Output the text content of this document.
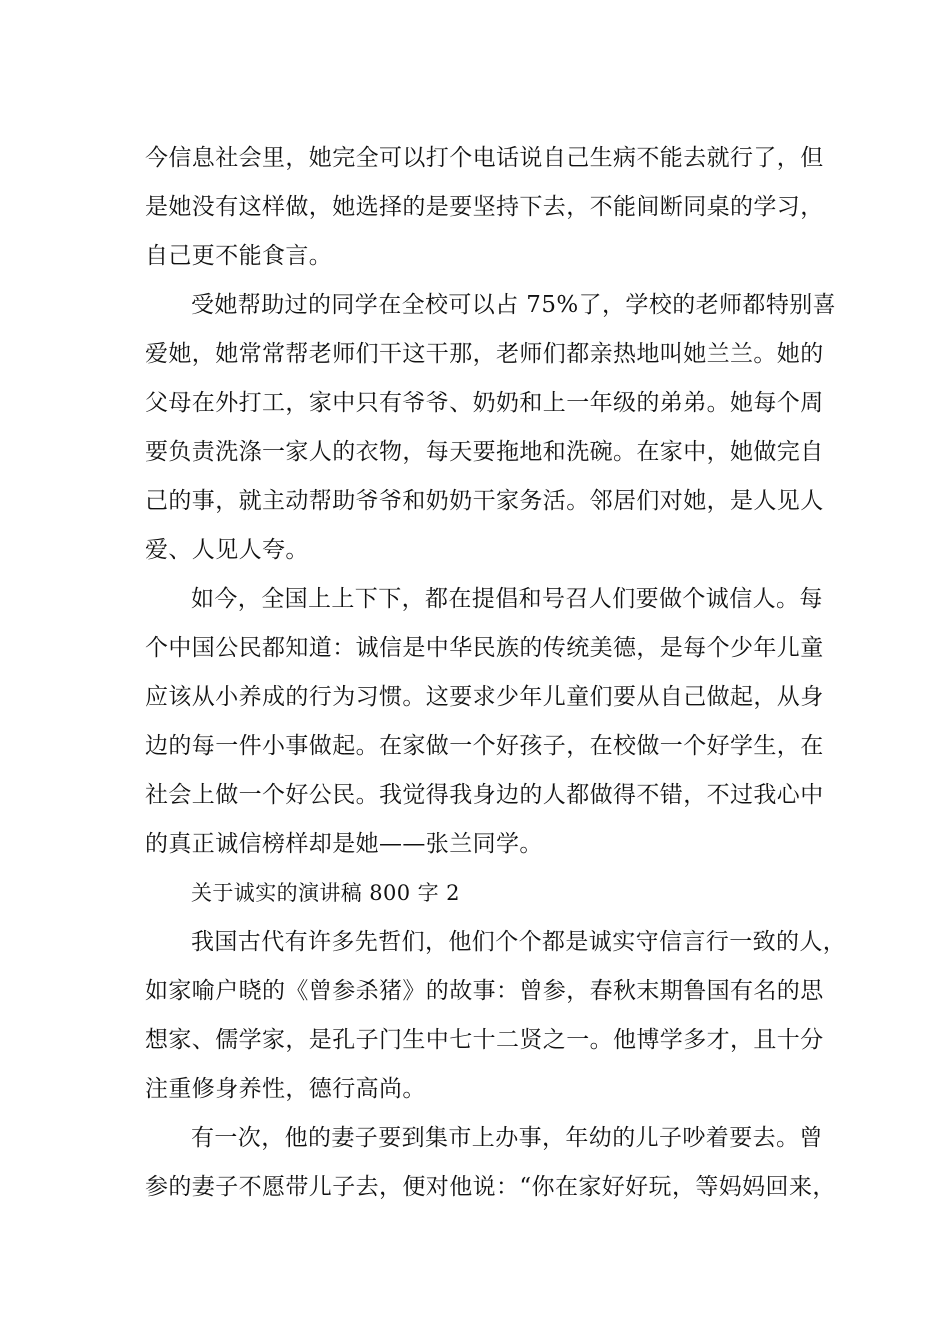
今信息社会里，她完全可以打个电话说自己生病不能去就行了，但
是她没有这样做，她选择的是要坚持下去，不能间断同桌的学习，
自己更不能食言。
受她帮助过的同学在全校可以占 75%了，学校的老师都特别喜
爱她，她常常帮老师们干这干那，老师们都亲热地叫她兰兰。她的
父母在外打工，家中只有爷爷、奶奶和上一年级的弟弟。她每个周
要负责洗涤一家人的衣物，每天要拖地和洗碗。在家中，她做完自
己的事，就主动帮助爷爷和奶奶干家务活。邻居们对她，是人见人
爱、人见人夸。
如今，全国上上下下，都在提倡和号召人们要做个诚信人。每
个中国公民都知道：诚信是中华民族的传统美德，是每个少年儿童
应该从小养成的行为习惯。这要求少年儿童们要从自己做起，从身
边的每一件小事做起。在家做一个好孩子，在校做一个好学生，在
社会上做一个好公民。我觉得我身边的人都做得不错，不过我心中
的真正诚信榜样却是她——张兰同学。
关于诚实的演讲稿 800 字 2
我国古代有许多先哲们，他们个个都是诚实守信言行一致的人，
如家喻户晓的《曾参杀猪》的故事：曾参，春秋末期鲁国有名的思
想家、儒学家，是孔子门生中七十二贤之一。他博学多才，且十分
注重修身养性，德行高尚。
有一次，他的妻子要到集市上办事，年幼的儿子吵着要去。曾
参的妻子不愿带儿子去，便对他说：“你在家好好玩，等妈妈回来，
